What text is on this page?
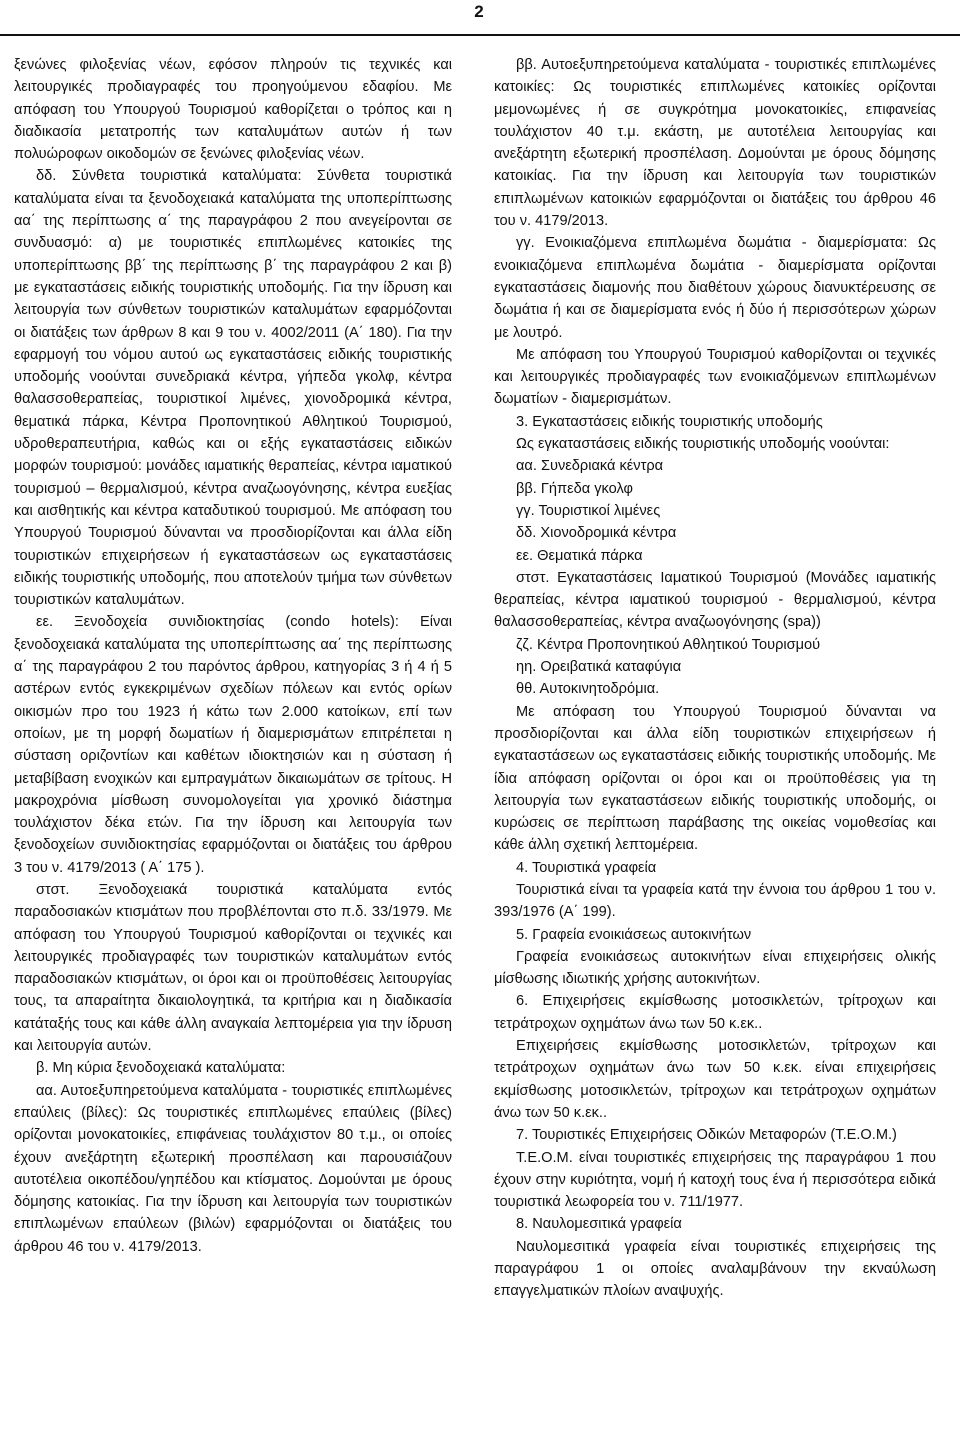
2

ξενώνες φιλοξενίας νέων, εφόσον πληρούν τις τεχνικές και λειτουργικές προδιαγραφές του προηγούμενου εδαφίου. Με απόφαση του Υπουργού Τουρισμού καθορίζεται ο τρόπος και η διαδικασία μετατροπής των καταλυμάτων αυτών ή των πολυώροφων οικοδομών σε ξενώνες φιλοξενίας νέων.

δδ. Σύνθετα τουριστικά καταλύματα: Σύνθετα τουριστικά καταλύματα είναι τα ξενοδοχειακά καταλύματα της υποπερίπτωσης αα΄ της περίπτωσης α΄ της παραγράφου 2 που ανεγείρονται σε συνδυασμό: α) με τουριστικές επιπλωμένες κατοικίες της υποπερίπτωσης ββ΄ της περίπτωσης β΄ της παραγράφου 2 και β) με εγκαταστάσεις ειδικής τουριστικής υποδομής. Για την ίδρυση και λειτουργία των σύνθετων τουριστικών καταλυμάτων εφαρμόζονται οι διατάξεις των άρθρων 8 και 9 του ν. 4002/2011 (Α΄ 180). Για την εφαρμογή του νόμου αυτού ως εγκαταστάσεις ειδικής τουριστικής υποδομής νοούνται συνεδριακά κέντρα, γήπεδα γκολφ, κέντρα θαλασσοθεραπείας, τουριστικοί λιμένες, χιονοδρομικά κέντρα, θεματικά πάρκα, Κέντρα Προπονητικού Αθλητικού Τουρισμού, υδροθεραπευτήρια, καθώς και οι εξής εγκαταστάσεις ειδικών μορφών τουρισμού: μονάδες ιαματικής θεραπείας, κέντρα ιαματικού τουρισμού – θερμαλισμού, κέντρα αναζωογόνησης, κέντρα ευεξίας και αισθητικής και κέντρα καταδυτικού τουρισμού. Με απόφαση του Υπουργού Τουρισμού δύνανται να προσδιορίζονται και άλλα είδη τουριστικών επιχειρήσεων ή εγκαταστάσεων ως εγκαταστάσεις ειδικής τουριστικής υποδομής, που αποτελούν τμήμα των σύνθετων τουριστικών καταλυμάτων.

εε. Ξενοδοχεία συνιδιοκτησίας (condo hotels): Είναι ξενοδοχειακά καταλύματα της υποπερίπτωσης αα΄ της περίπτωσης α΄ της παραγράφου 2 του παρόντος άρθρου, κατηγορίας 3 ή 4 ή 5 αστέρων εντός εγκεκριμένων σχεδίων πόλεων και εντός ορίων οικισμών προ του 1923 ή κάτω των 2.000 κατοίκων, επί των οποίων, με τη μορφή δωματίων ή διαμερισμάτων επιτρέπεται η σύσταση οριζοντίων και καθέτων ιδιοκτησιών και η σύσταση ή μεταβίβαση ενοχικών και εμπραγμάτων δικαιωμάτων σε τρίτους. Η μακροχρόνια μίσθωση συνομολογείται για χρονικό διάστημα τουλάχιστον δέκα ετών. Για την ίδρυση και λειτουργία των ξενοδοχείων συνιδιοκτησίας εφαρμόζονται οι διατάξεις του άρθρου 3 του ν. 4179/2013 ( Α΄ 175 ).

στστ. Ξενοδοχειακά τουριστικά καταλύματα εντός παραδοσιακών κτισμάτων που προβλέπονται στο π.δ. 33/1979. Με απόφαση του Υπουργού Τουρισμού καθορίζονται οι τεχνικές και λειτουργικές προδιαγραφές των τουριστικών καταλυμάτων εντός παραδοσιακών κτισμάτων, οι όροι και οι προϋποθέσεις λειτουργίας τους, τα απαραίτητα δικαιολογητικά, τα κριτήρια και η διαδικασία κατάταξής τους και κάθε άλλη αναγκαία λεπτομέρεια για την ίδρυση και λειτουργία αυτών.

β. Μη κύρια ξενοδοχειακά καταλύματα:

αα. Αυτοεξυπηρετούμενα καταλύματα - τουριστικές επιπλωμένες επαύλεις (βίλες): Ως τουριστικές επιπλωμένες επαύλεις (βίλες) ορίζονται μονοκατοικίες, επιφάνειας τουλάχιστον 80 τ.μ., οι οποίες έχουν ανεξάρτητη εξωτερική προσπέλαση και παρουσιάζουν αυτοτέλεια οικοπέδου/γηπέδου και κτίσματος. Δομούνται με όρους δόμησης κατοικίας. Για την ίδρυση και λειτουργία των τουριστικών επιπλωμένων επαύλεων (βιλών) εφαρμόζονται οι διατάξεις του άρθρου 46 του ν. 4179/2013.

ββ. Αυτοεξυπηρετούμενα καταλύματα - τουριστικές επιπλωμένες κατοικίες: Ως τουριστικές επιπλωμένες κατοικίες ορίζονται μεμονωμένες ή σε συγκρότημα μονοκατοικίες, επιφανείας τουλάχιστον 40 τ.μ. εκάστη, με αυτοτέλεια λειτουργίας και ανεξάρτητη εξωτερική προσπέλαση. Δομούνται με όρους δόμησης κατοικίας. Για την ίδρυση και λειτουργία των τουριστικών επιπλωμένων κατοικιών εφαρμόζονται οι διατάξεις του άρθρου 46 του ν. 4179/2013.

γγ. Ενοικιαζόμενα επιπλωμένα δωμάτια - διαμερίσματα: Ως ενοικιαζόμενα επιπλωμένα δωμάτια - διαμερίσματα ορίζονται εγκαταστάσεις διαμονής που διαθέτουν χώρους διανυκτέρευσης σε δωμάτια ή και σε διαμερίσματα ενός ή δύο ή περισσότερων χώρων με λουτρό.

Με απόφαση του Υπουργού Τουρισμού καθορίζονται οι τεχνικές και λειτουργικές προδιαγραφές των ενοικιαζόμενων επιπλωμένων δωματίων - διαμερισμάτων.

3. Εγκαταστάσεις ειδικής τουριστικής υποδομής

Ως εγκαταστάσεις ειδικής τουριστικής υποδομής νοούνται:

αα. Συνεδριακά κέντρα

ββ. Γήπεδα γκολφ

γγ. Τουριστικοί λιμένες

δδ. Χιονοδρομικά κέντρα

εε. Θεματικά πάρκα

στστ. Εγκαταστάσεις Ιαματικού Τουρισμού (Μονάδες ιαματικής θεραπείας, κέντρα ιαματικού τουρισμού - θερμαλισμού, κέντρα θαλασσοθεραπείας, κέντρα αναζωογόνησης (spa))

ζζ. Κέντρα Προπονητικού Αθλητικού Τουρισμού

ηη. Ορειβατικά καταφύγια

θθ. Αυτοκινητοδρόμια.

Με απόφαση του Υπουργού Τουρισμού δύνανται να προσδιορίζονται και άλλα είδη τουριστικών επιχειρήσεων ή εγκαταστάσεων ως εγκαταστάσεις ειδικής τουριστικής υποδομής. Με ίδια απόφαση ορίζονται οι όροι και οι προϋποθέσεις για τη λειτουργία των εγκαταστάσεων ειδικής τουριστικής υποδομής, οι κυρώσεις σε περίπτωση παράβασης της οικείας νομοθεσίας και κάθε άλλη σχετική λεπτομέρεια.

4. Τουριστικά γραφεία

Τουριστικά είναι τα γραφεία κατά την έννοια του άρθρου 1 του ν. 393/1976 (Α΄ 199).

5. Γραφεία ενοικιάσεως αυτοκινήτων

Γραφεία ενοικιάσεως αυτοκινήτων είναι επιχειρήσεις ολικής μίσθωσης ιδιωτικής χρήσης αυτοκινήτων.

6. Επιχειρήσεις εκμίσθωσης μοτοσικλετών, τρίτροχων και τετράτροχων οχημάτων άνω των 50 κ.εκ..

Επιχειρήσεις εκμίσθωσης μοτοσικλετών, τρίτροχων και τετράτροχων οχημάτων άνω των 50 κ.εκ. είναι επιχειρήσεις εκμίσθωσης μοτοσικλετών, τρίτροχων και τετράτροχων οχημάτων άνω των 50 κ.εκ..

7. Τουριστικές Επιχειρήσεις Οδικών Μεταφορών (Τ.Ε.Ο.Μ.)

Τ.Ε.Ο.Μ. είναι τουριστικές επιχειρήσεις της παραγράφου 1 που έχουν στην κυριότητα, νομή ή κατοχή τους ένα ή περισσότερα ειδικά τουριστικά λεωφορεία του ν. 711/1977.

8. Ναυλομεσιτικά γραφεία

Ναυλομεσιτικά γραφεία είναι τουριστικές επιχειρήσεις της παραγράφου 1 οι οποίες αναλαμβάνουν την εκναύλωση επαγγελματικών πλοίων αναψυχής.
